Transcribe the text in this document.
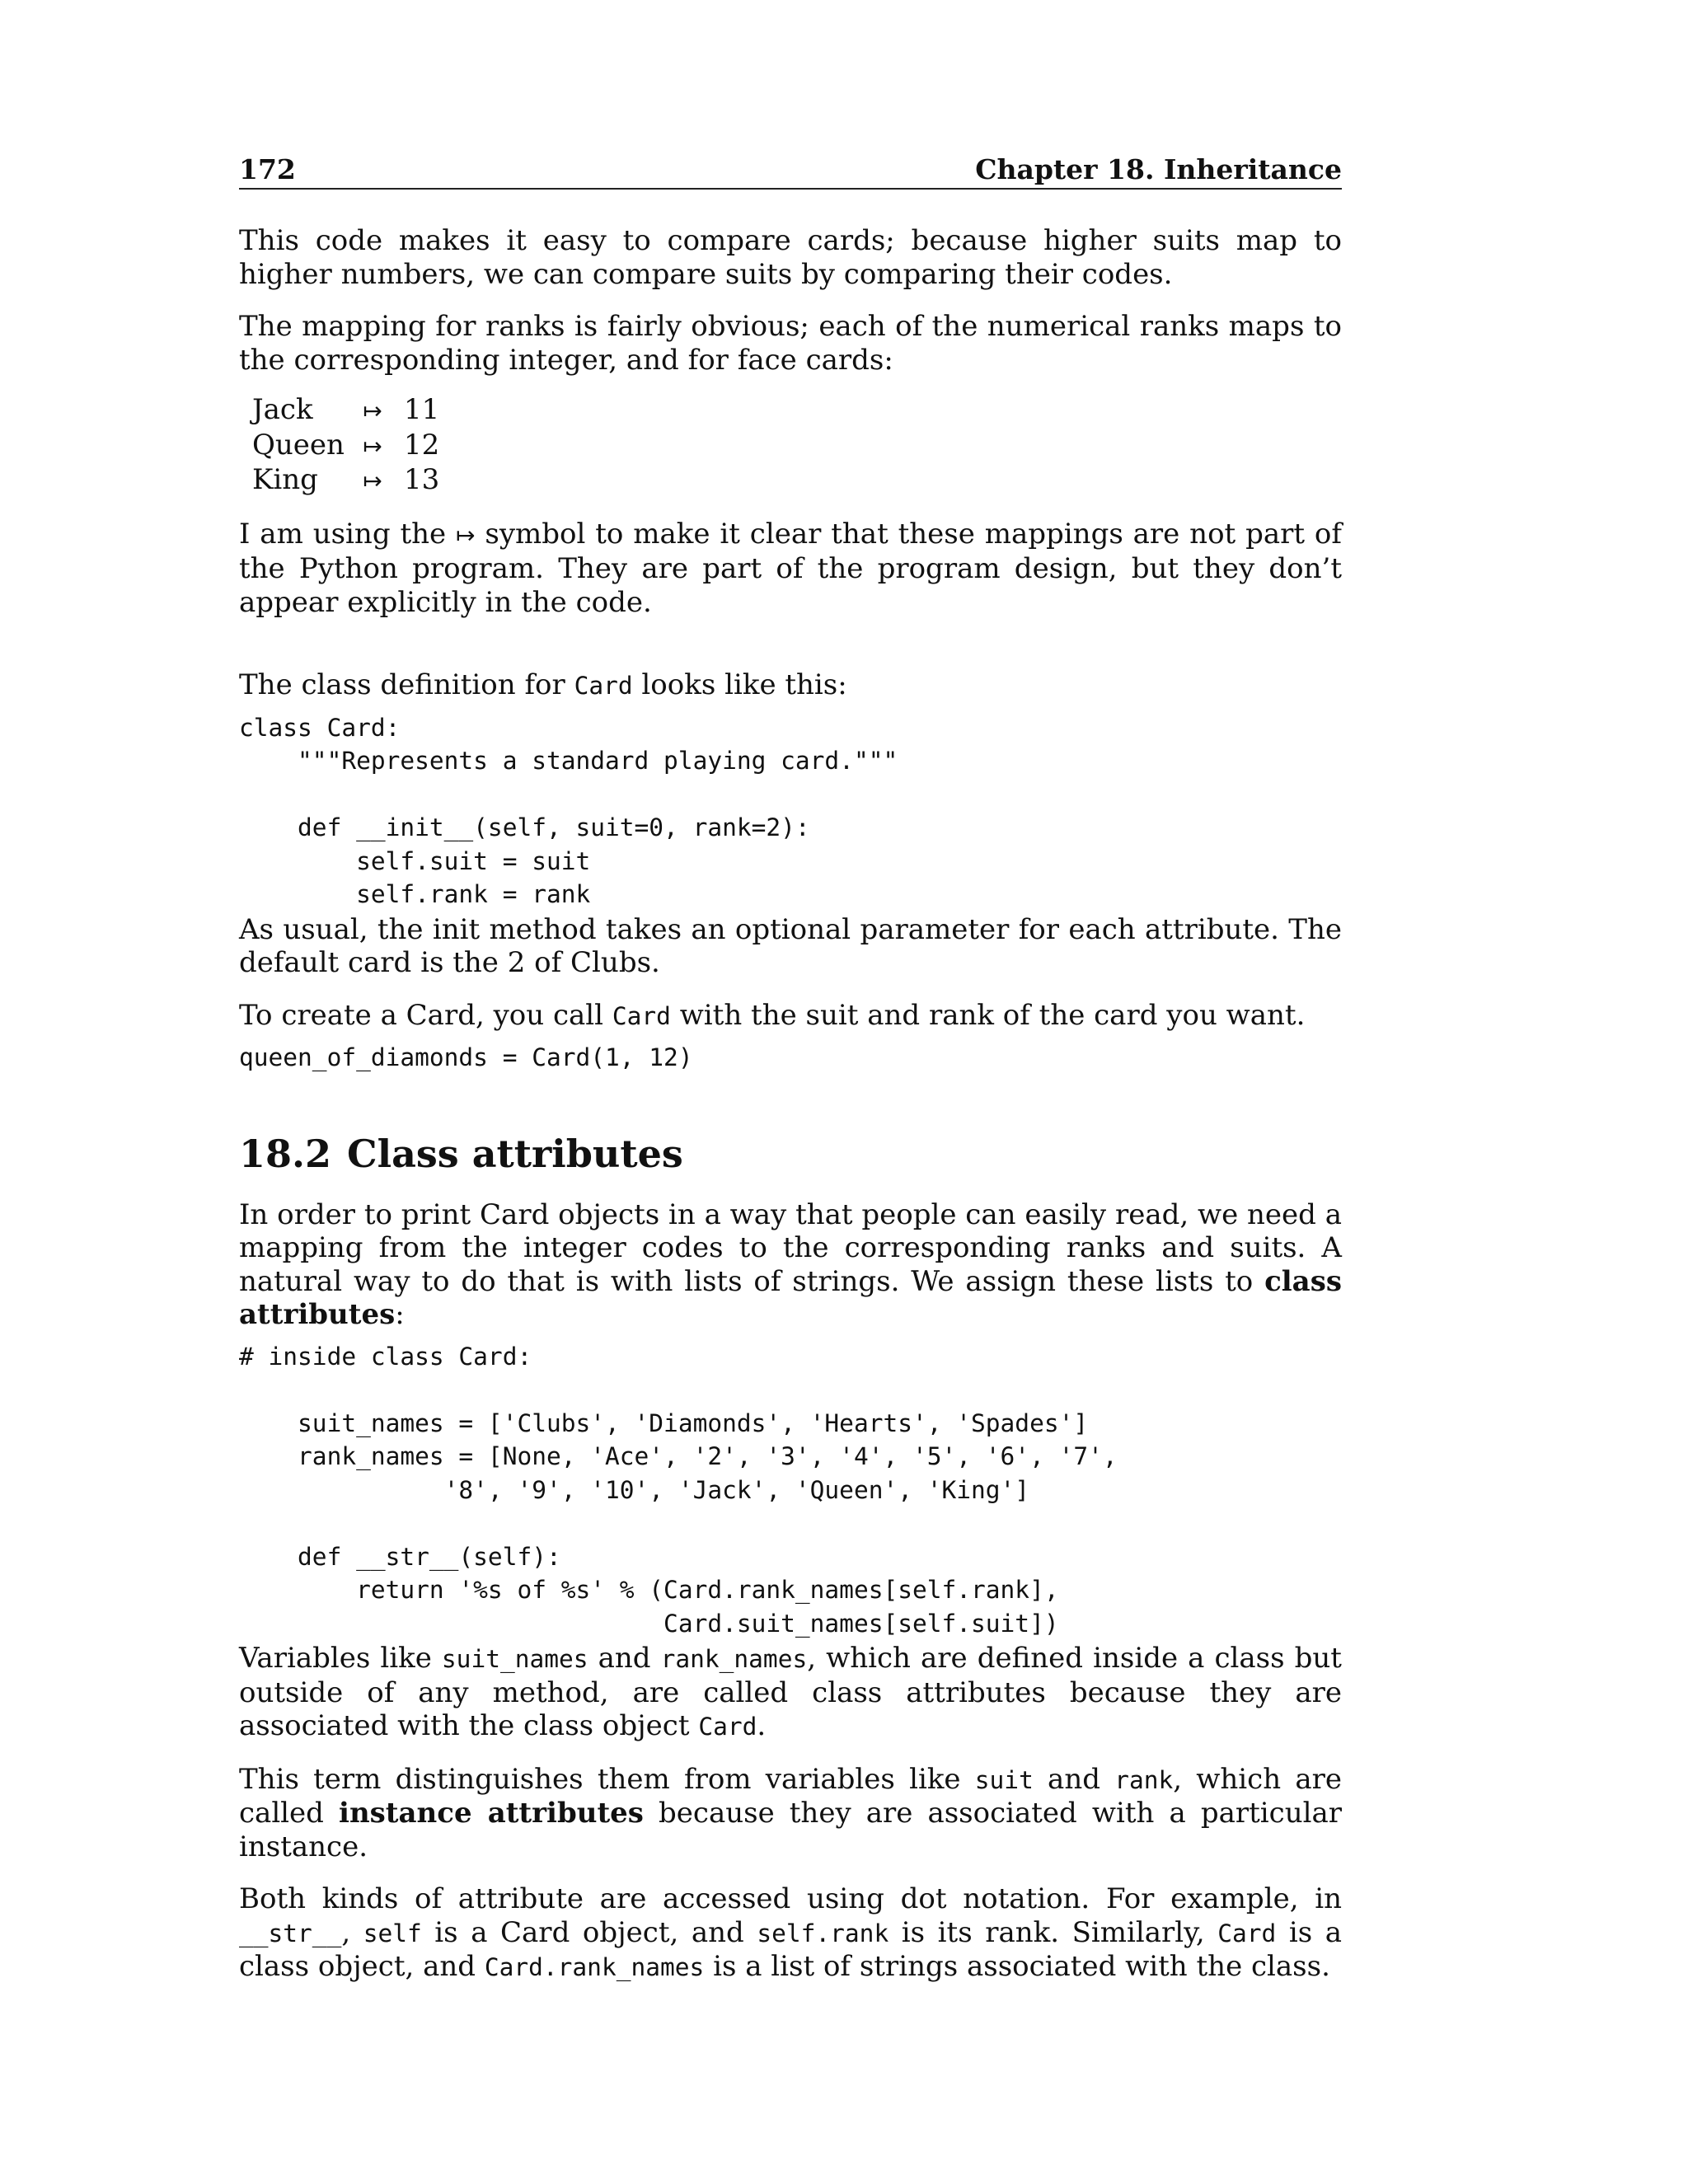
172	Chapter 18. Inheritance

This code makes it easy to compare cards; because higher suits map to higher numbers, we can compare suits by comparing their codes.

The mapping for ranks is fairly obvious; each of the numerical ranks maps to the corresponding integer, and for face cards:

Jack	↦	11
Queen	↦	12
King	↦	13

I am using the ↦ symbol to make it clear that these mappings are not part of the Python program. They are part of the program design, but they don’t appear explicitly in the code.

The class definition for Card looks like this:

class Card:
"""Represents a standard playing card."""

def __init__(self, suit=0, rank=2):
self.suit = suit
self.rank = rank

As usual, the init method takes an optional parameter for each attribute. The default card is the 2 of Clubs.

To create a Card, you call Card with the suit and rank of the card you want.

queen_of_diamonds = Card(1, 12)
18.2 Class attributes

In order to print Card objects in a way that people can easily read, we need a mapping from the integer codes to the corresponding ranks and suits. A natural way to do that is with lists of strings. We assign these lists to class attributes:

# inside class Card:

suit_names = ['Clubs', 'Diamonds', 'Hearts', 'Spades']
rank_names = [None, 'Ace', '2', '3', '4', '5', '6', '7',
'8', '9', '10', 'Jack', 'Queen', 'King']

def __str__(self):
return '%s of %s' % (Card.rank_names[self.rank],
Card.suit_names[self.suit])

Variables like suit_names and rank_names, which are defined inside a class but outside of any method, are called class attributes because they are associated with the class object Card.

This term distinguishes them from variables like suit and rank, which are called instance attributes because they are associated with a particular instance.

Both kinds of attribute are accessed using dot notation. For example, in __str__, self is a Card object, and self.rank is its rank. Similarly, Card is a class object, and Card.rank_names is a list of strings associated with the class.
